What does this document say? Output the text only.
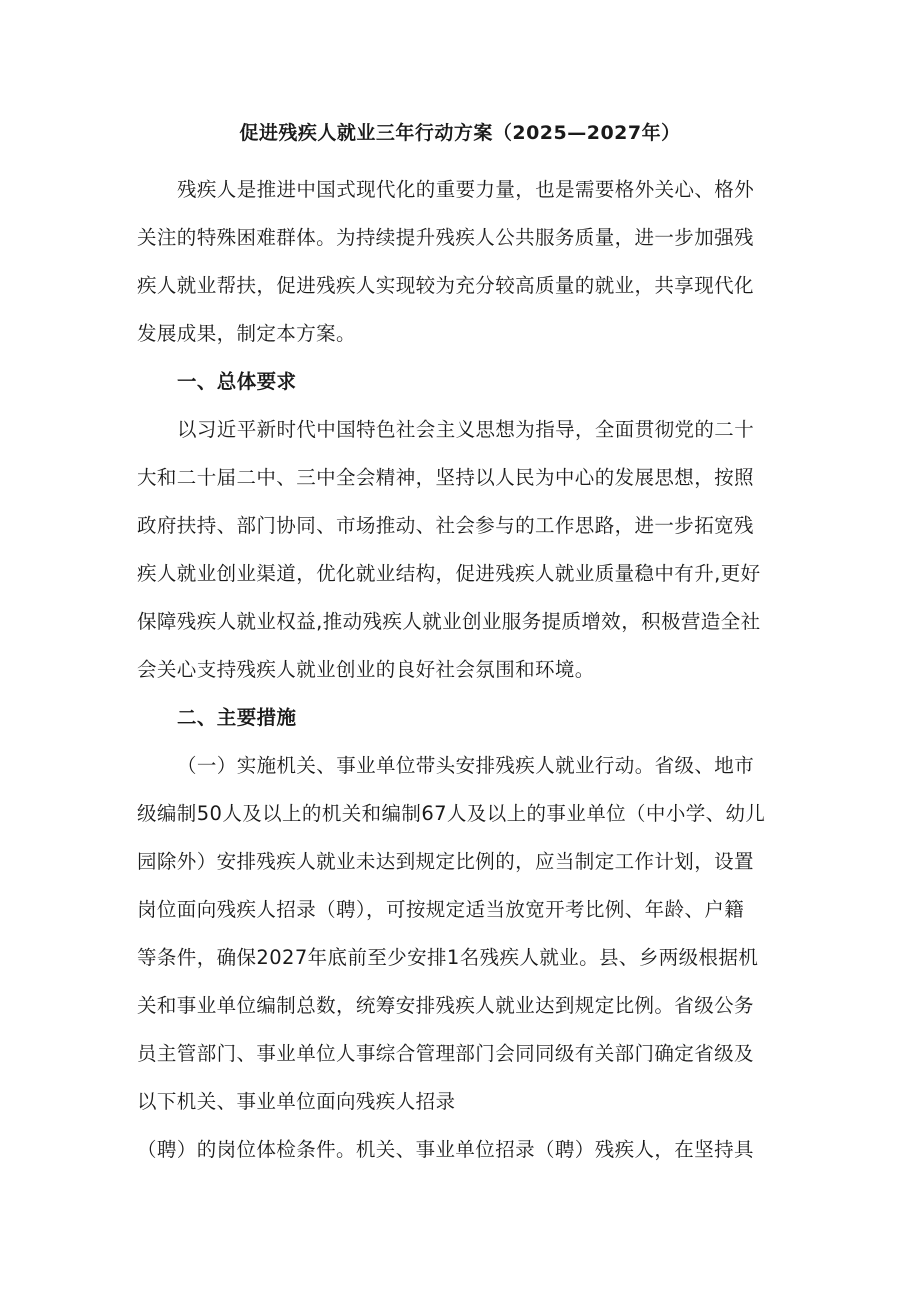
促进残疾人就业三年行动方案（2025—2027年）

残疾人是推进中国式现代化的重要力量，也是需要格外关心、格外
关注的特殊困难群体。为持续提升残疾人公共服务质量，进一步加强残
疾人就业帮扶，促进残疾人实现较为充分较高质量的就业，共享现代化
发展成果，制定本方案。

一、总体要求

以习近平新时代中国特色社会主义思想为指导，全面贯彻党的二十
大和二十届二中、三中全会精神，坚持以人民为中心的发展思想，按照
政府扶持、部门协同、市场推动、社会参与的工作思路，进一步拓宽残
疾人就业创业渠道，优化就业结构，促进残疾人就业质量稳中有升,更好
保障残疾人就业权益,推动残疾人就业创业服务提质增效，积极营造全社
会关心支持残疾人就业创业的良好社会氛围和环境。

二、主要措施

（一）实施机关、事业单位带头安排残疾人就业行动。省级、地市
级编制50人及以上的机关和编制67人及以上的事业单位（中小学、幼儿
园除外）安排残疾人就业未达到规定比例的，应当制定工作计划，设置
岗位面向残疾人招录（聘），可按规定适当放宽开考比例、年龄、户籍
等条件，确保2027年底前至少安排1名残疾人就业。县、乡两级根据机
关和事业单位编制总数，统筹安排残疾人就业达到规定比例。省级公务
员主管部门、事业单位人事综合管理部门会同同级有关部门确定省级及
以下机关、事业单位面向残疾人招录
（聘）的岗位体检条件。机关、事业单位招录（聘）残疾人，在坚持具
